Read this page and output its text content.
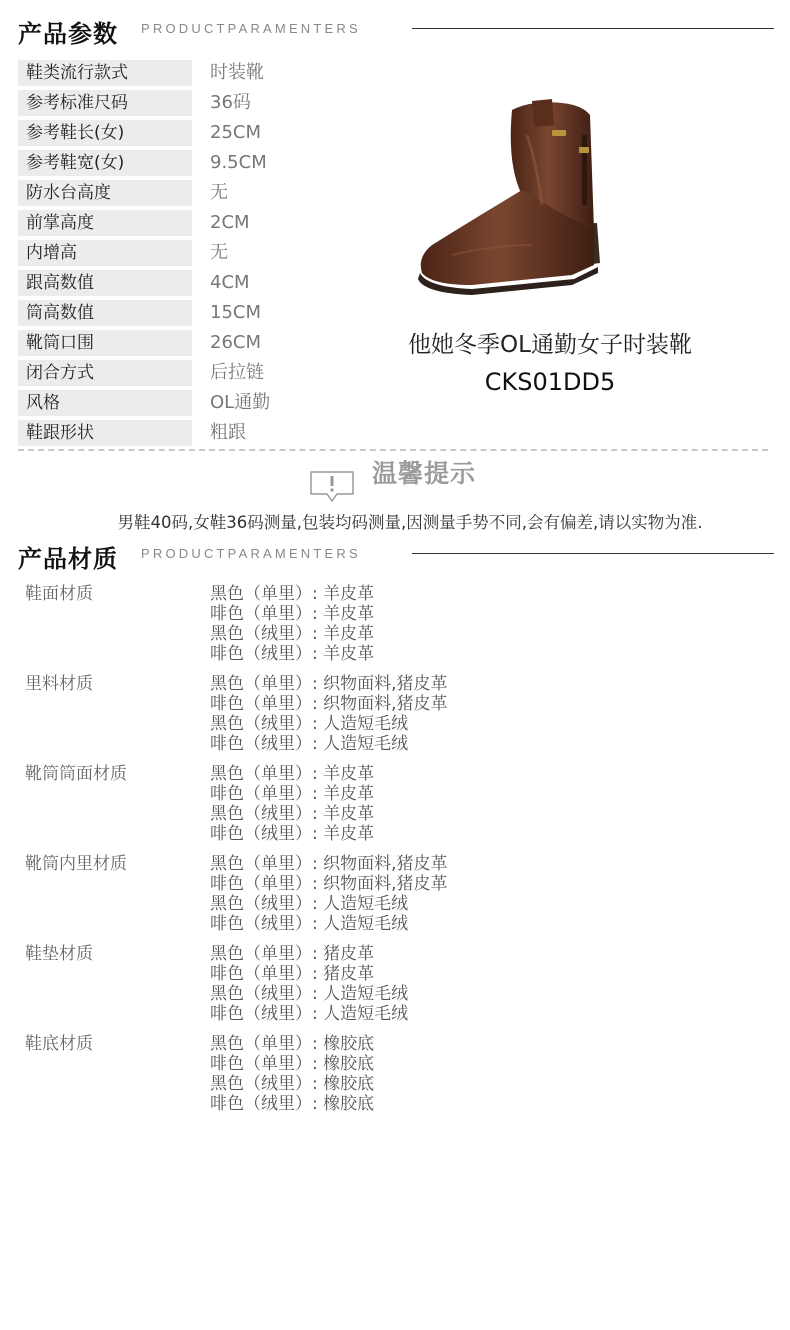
产品参数 PRODUCTPARAMENTERS
鞋类流行款式	时装靴
参考标准尺码	36码
参考鞋长(女)	25CM
参考鞋宽(女)	9.5CM
防水台高度	无
前掌高度	2CM
内增高	无
跟高数值	4CM
筒高数值	15CM
靴筒口围	26CM
闭合方式	后拉链
风格	OL通勤
鞋跟形状	粗跟
他她冬季OL通勤女子时装靴
CKS01DD5
温馨提示
男鞋40码,女鞋36码测量,包装均码测量,因测量手势不同,会有偏差,请以实物为准.
产品材质 PRODUCTPARAMENTERS
鞋面材质	黑色（单里）: 羊皮革
啡色（单里）: 羊皮革
黑色（绒里）: 羊皮革
啡色（绒里）: 羊皮革
里料材质	黑色（单里）: 织物面料,猪皮革
啡色（单里）: 织物面料,猪皮革
黑色（绒里）: 人造短毛绒
啡色（绒里）: 人造短毛绒
靴筒筒面材质	黑色（单里）: 羊皮革
啡色（单里）: 羊皮革
黑色（绒里）: 羊皮革
啡色（绒里）: 羊皮革
靴筒内里材质	黑色（单里）: 织物面料,猪皮革
啡色（单里）: 织物面料,猪皮革
黑色（绒里）: 人造短毛绒
啡色（绒里）: 人造短毛绒
鞋垫材质	黑色（单里）: 猪皮革
啡色（单里）: 猪皮革
黑色（绒里）: 人造短毛绒
啡色（绒里）: 人造短毛绒
鞋底材质	黑色（单里）: 橡胶底
啡色（单里）: 橡胶底
黑色（绒里）: 橡胶底
啡色（绒里）: 橡胶底
